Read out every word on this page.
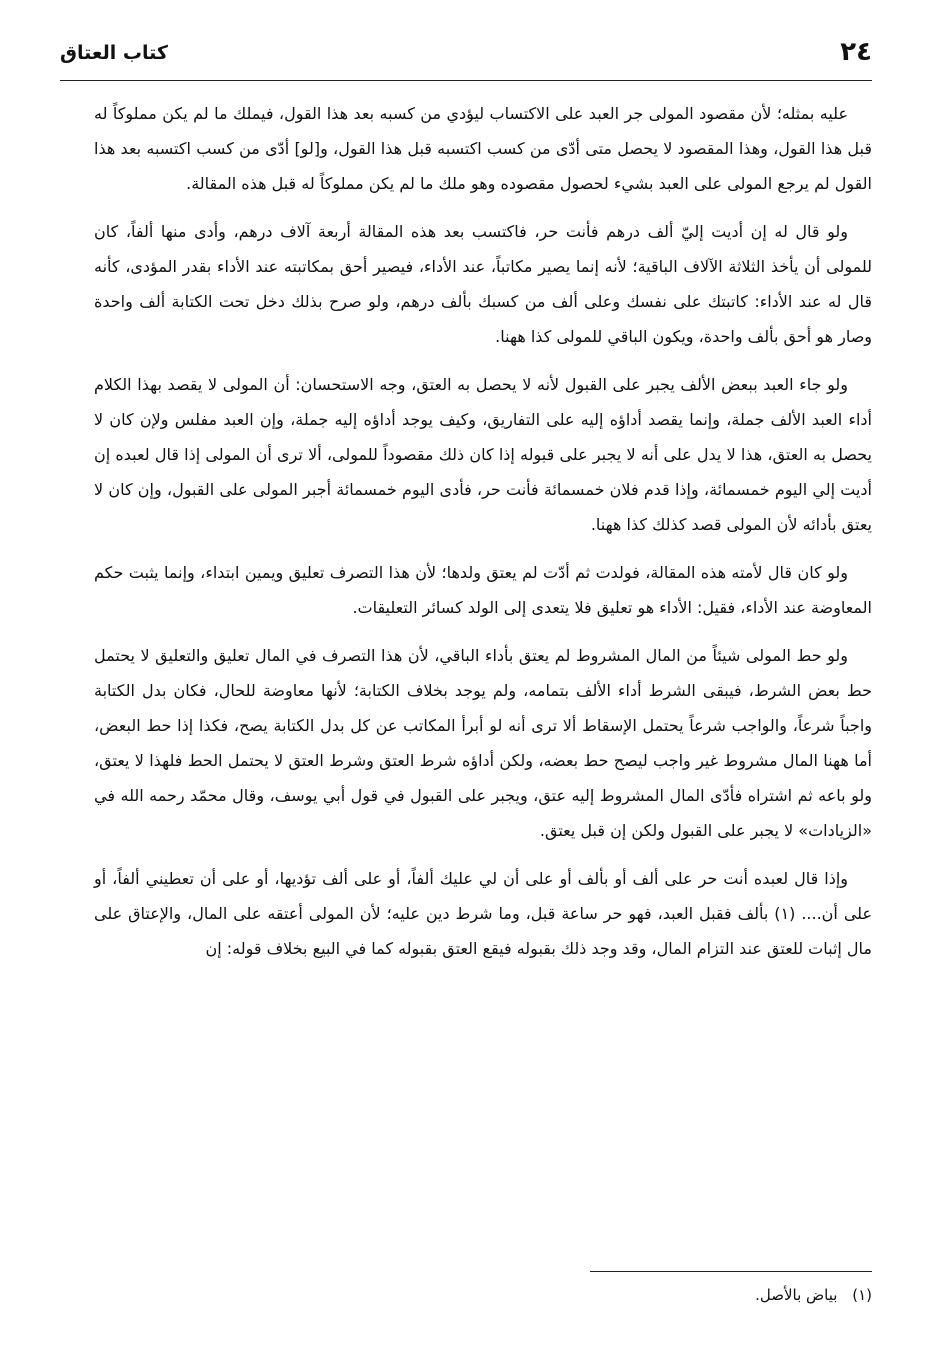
٢٤
كتاب العتاق

عليه بمثله؛ لأن مقصود المولى جر العبد على الاكتساب ليؤدي من كسبه بعد هذا القول، فيملك ما لم يكن مملوكاً له قبل هذا القول، وهذا المقصود لا يحصل متى أدّى من كسب اكتسبه قبل هذا القول، و[لو] أدّى من كسب اكتسبه بعد هذا القول لم يرجع المولى على العبد بشيء لحصول مقصوده وهو ملك ما لم يكن مملوكاً له قبل هذه المقالة.

ولو قال له إن أديت إليّ ألف درهم فأنت حر، فاكتسب بعد هذه المقالة أربعة آلاف درهم، وأدى منها ألفاً، كان للمولى أن يأخذ الثلاثة الآلاف الباقية؛ لأنه إنما يصير مكاتباً، عند الأداء، فيصير أحق بمكاتبته عند الأداء بقدر المؤدى، كأنه قال له عند الأداء: كاتبتك على نفسك وعلى ألف من كسبك بألف درهم، ولو صرح بذلك دخل تحت الكتابة ألف واحدة وصار هو أحق بألف واحدة، ويكون الباقي للمولى كذا ههنا.

ولو جاء العبد ببعض الألف يجبر على القبول لأنه لا يحصل به العتق، وجه الاستحسان: أن المولى لا يقصد بهذا الكلام أداء العبد الألف جملة، وإنما يقصد أداؤه إليه على التفاريق، وكيف يوجد أداؤه إليه جملة، وإن العبد مفلس ولإن كان لا يحصل به العتق، هذا لا يدل على أنه لا يجبر على قبوله إذا كان ذلك مقصوداً للمولى، ألا ترى أن المولى إذا قال لعبده إن أديت إلي اليوم خمسمائة، وإذا قدم فلان خمسمائة فأنت حر، فأدى اليوم خمسمائة أجبر المولى على القبول، وإن كان لا يعتق بأدائه لأن المولى قصد كذلك كذا ههنا.

ولو كان قال لأمته هذه المقالة، فولدت ثم أدّت لم يعتق ولدها؛ لأن هذا التصرف تعليق ويمين ابتداء، وإنما يثبت حكم المعاوضة عند الأداء، فقيل: الأداء هو تعليق فلا يتعدى إلى الولد كسائر التعليقات.

ولو حط المولى شيئاً من المال المشروط لم يعتق بأداء الباقي، لأن هذا التصرف في المال تعليق والتعليق لا يحتمل حط بعض الشرط، فيبقى الشرط أداء الألف بتمامه، ولم يوجد بخلاف الكتابة؛ لأنها معاوضة للحال، فكان بدل الكتابة واجباً شرعاً، والواجب شرعاً يحتمل الإسقاط ألا ترى أنه لو أبرأ المكاتب عن كل بدل الكتابة يصح، فكذا إذا حط البعض، أما ههنا المال مشروط غير واجب ليصح حط بعضه، ولكن أداؤه شرط العتق وشرط العتق لا يحتمل الحط فلهذا لا يعتق، ولو باعه ثم اشتراه فأدّى المال المشروط إليه عتق، ويجبر على القبول في قول أبي يوسف، وقال محمّد رحمه الله في «الزيادات» لا يجبر على القبول ولكن إن قبل يعتق.

وإذا قال لعبده أنت حر على ألف أو بألف أو على أن لي عليك ألفاً، أو على ألف تؤديها، أو على أن تعطيني ألفاً، أو على أن.... (١) بألف فقبل العبد، فهو حر ساعة قبل، وما شرط دين عليه؛ لأن المولى أعتقه على المال، والإعتاق على مال إثبات للعتق عند التزام المال، وقد وجد ذلك بقبوله فيقع العتق بقبوله كما في البيع بخلاف قوله: إن

(١) بياض بالأصل.
